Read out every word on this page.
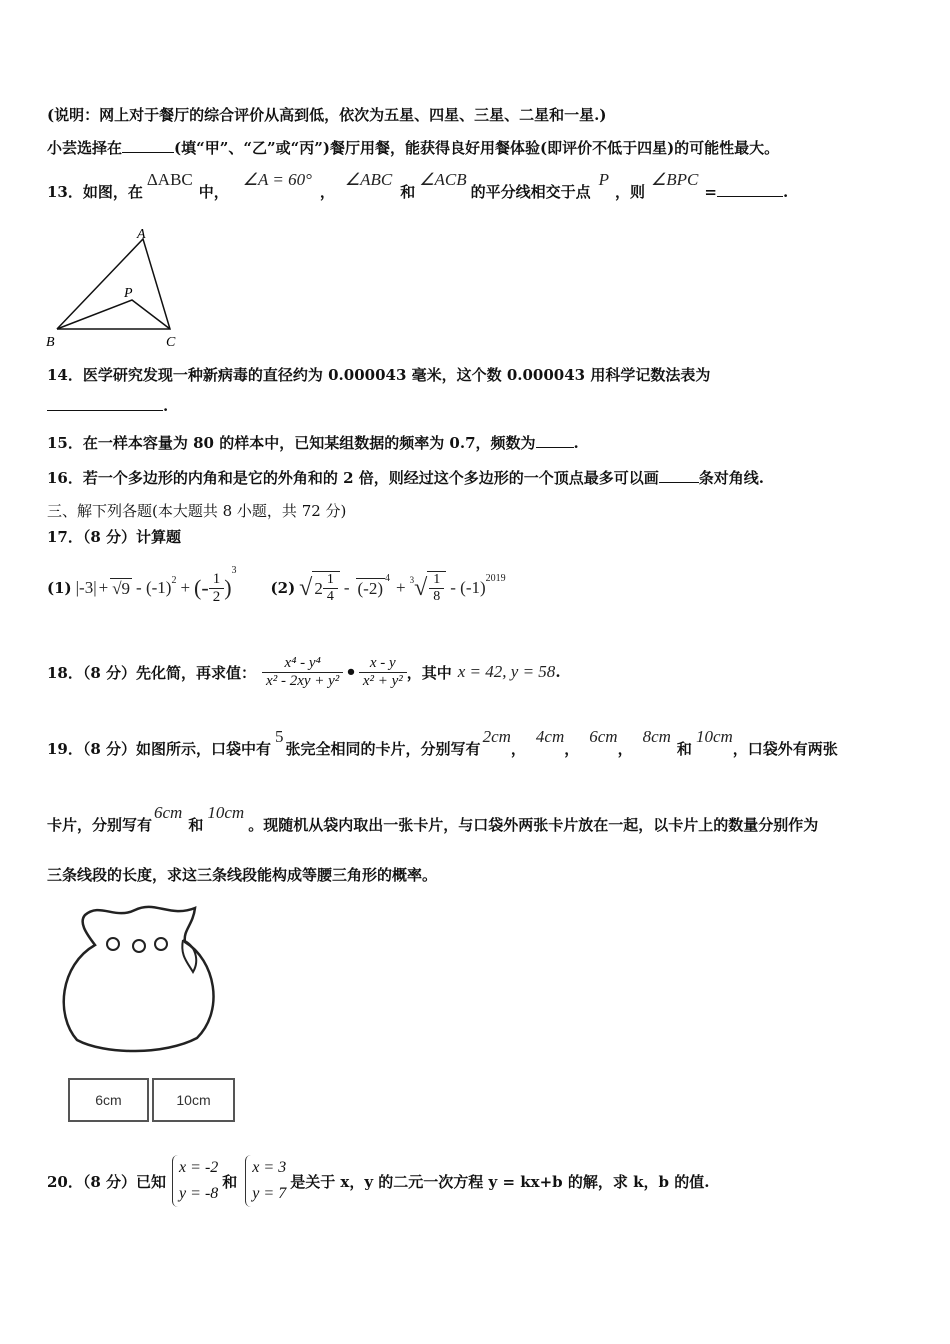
(说明：网上对于餐厅的综合评价从高到低，依次为五星、四星、三星、二星和一星.)
小芸选择在	(填“甲”、“乙”或“丙”)餐厅用餐，能获得良好用餐体验(即评价不低于四星)的可能性最大。
13．如图，在ΔABC中，∠A = 60°，∠ABC和∠ACB的平分线相交于点P，则∠BPC=	.
A
B	C
P
14．医学研究发现一种新病毒的直径约为 0.000043 毫米，这个数 0.000043 用科学记数法表为
.
15．在一样本容量为 80 的样本中，已知某组数据的频率为 0.7，频数为	.
16．若一个多边形的内角和是它的外角和的 2 倍，则经过这个多边形的一个顶点最多可以画	条对角线.
三、解下列各题(本大题共 8 小题，共 72 分)
17．（8 分）计算题
(1) |-3| + √9 - (-1) 2 + (- $\frac{1}{2}$ )
3
(2) √ $2 \frac{1}{4} - (-2)$
4 + 3 √ $\frac{1}{8} - (-1)$ 2019
18．（8 分）先化简，再求值： $\frac{\text{x⁴ - y⁴}}{\text{x² - 2xy + y²}}$ • $\frac{x - y}{\text{x² + y²}}$ ，其中 x = 42, y = 58 .
19．（8 分）如图所示，口袋中有5张完全相同的卡片，分别写有2cm，4cm，6cm，8cm和10cm，口袋外有两张
卡片，分别写有6cm和10cm。现随机从袋内取出一张卡片，与口袋外两张卡片放在一起，以卡片上的数量分别作为
三条线段的长度，求这三条线段能构成等腰三角形的概率。
6cm	10cm
20．（8 分）已知
x = -2
y = -8
和
x = 3
y = 7
是关于 x，y 的二元一次方程 y = kx+b 的解，求 k，b 的值.
